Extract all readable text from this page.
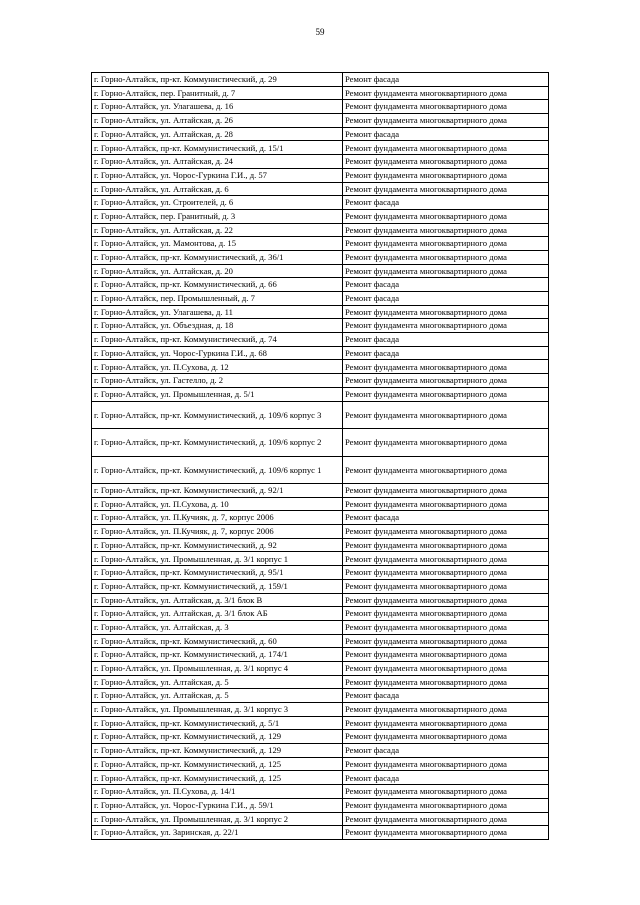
59
г. Горно-Алтайск, пр-кт. Коммунистический, д. 29	Ремонт фасада
г. Горно-Алтайск, пер. Гранитный, д. 7	Ремонт фундамента многоквартирного дома
г. Горно-Алтайск, ул. Улагашева, д. 16	Ремонт фундамента многоквартирного дома
г. Горно-Алтайск, ул. Алтайская, д. 26	Ремонт фундамента многоквартирного дома
г. Горно-Алтайск, ул. Алтайская, д. 28	Ремонт фасада
г. Горно-Алтайск, пр-кт. Коммунистический, д. 15/1	Ремонт фундамента многоквартирного дома
г. Горно-Алтайск, ул. Алтайская, д. 24	Ремонт фундамента многоквартирного дома
г. Горно-Алтайск, ул. Чорос-Гуркина Г.И., д. 57	Ремонт фундамента многоквартирного дома
г. Горно-Алтайск, ул. Алтайская, д. 6	Ремонт фундамента многоквартирного дома
г. Горно-Алтайск, ул. Строителей, д. 6	Ремонт фасада
г. Горно-Алтайск, пер. Гранитный, д. 3	Ремонт фундамента многоквартирного дома
г. Горно-Алтайск, ул. Алтайская, д. 22	Ремонт фундамента многоквартирного дома
г. Горно-Алтайск, ул. Мамонтова, д. 15	Ремонт фундамента многоквартирного дома
г. Горно-Алтайск, пр-кт. Коммунистический, д. 36/1	Ремонт фундамента многоквартирного дома
г. Горно-Алтайск, ул. Алтайская, д. 20	Ремонт фундамента многоквартирного дома
г. Горно-Алтайск, пр-кт. Коммунистический, д. 66	Ремонт фасада
г. Горно-Алтайск, пер. Промышленный, д. 7	Ремонт фасада
г. Горно-Алтайск, ул. Улагашева, д. 11	Ремонт фундамента многоквартирного дома
г. Горно-Алтайск, ул. Объездная, д. 18	Ремонт фундамента многоквартирного дома
г. Горно-Алтайск, пр-кт. Коммунистический, д. 74	Ремонт фасада
г. Горно-Алтайск, ул. Чорос-Гуркина Г.И., д. 68	Ремонт фасада
г. Горно-Алтайск, ул. П.Сухова, д. 12	Ремонт фундамента многоквартирного дома
г. Горно-Алтайск, ул. Гастелло, д. 2	Ремонт фундамента многоквартирного дома
г. Горно-Алтайск, ул. Промышленная, д. 5/1	Ремонт фундамента многоквартирного дома
г. Горно-Алтайск, пр-кт. Коммунистический, д. 109/6 корпус 3	Ремонт фундамента многоквартирного дома
г. Горно-Алтайск, пр-кт. Коммунистический, д. 109/6 корпус 2	Ремонт фундамента многоквартирного дома
г. Горно-Алтайск, пр-кт. Коммунистический, д. 109/6 корпус 1	Ремонт фундамента многоквартирного дома
г. Горно-Алтайск, пр-кт. Коммунистический, д. 92/1	Ремонт фундамента многоквартирного дома
г. Горно-Алтайск, ул. П.Сухова, д. 10	Ремонт фундамента многоквартирного дома
г. Горно-Алтайск, ул. П.Кучияк, д. 7, корпус 2006	Ремонт фасада
г. Горно-Алтайск, ул. П.Кучияк, д. 7, корпус 2006	Ремонт фундамента многоквартирного дома
г. Горно-Алтайск, пр-кт. Коммунистический, д. 92	Ремонт фундамента многоквартирного дома
г. Горно-Алтайск, ул. Промышленная, д. 3/1 корпус 1	Ремонт фундамента многоквартирного дома
г. Горно-Алтайск, пр-кт. Коммунистический, д. 95/1	Ремонт фундамента многоквартирного дома
г. Горно-Алтайск, пр-кт. Коммунистический, д. 159/1	Ремонт фундамента многоквартирного дома
г. Горно-Алтайск, ул. Алтайская, д. 3/1 блок В	Ремонт фундамента многоквартирного дома
г. Горно-Алтайск, ул. Алтайская, д. 3/1 блок АБ	Ремонт фундамента многоквартирного дома
г. Горно-Алтайск, ул. Алтайская, д. 3	Ремонт фундамента многоквартирного дома
г. Горно-Алтайск, пр-кт. Коммунистический, д. 60	Ремонт фундамента многоквартирного дома
г. Горно-Алтайск, пр-кт. Коммунистический, д. 174/1	Ремонт фундамента многоквартирного дома
г. Горно-Алтайск, ул. Промышленная, д. 3/1 корпус 4	Ремонт фундамента многоквартирного дома
г. Горно-Алтайск, ул. Алтайская, д. 5	Ремонт фундамента многоквартирного дома
г. Горно-Алтайск, ул. Алтайская, д. 5	Ремонт фасада
г. Горно-Алтайск, ул. Промышленная, д. 3/1 корпус 3	Ремонт фундамента многоквартирного дома
г. Горно-Алтайск, пр-кт. Коммунистический, д. 5/1	Ремонт фундамента многоквартирного дома
г. Горно-Алтайск, пр-кт. Коммунистический, д. 129	Ремонт фундамента многоквартирного дома
г. Горно-Алтайск, пр-кт. Коммунистический, д. 129	Ремонт фасада
г. Горно-Алтайск, пр-кт. Коммунистический, д. 125	Ремонт фундамента многоквартирного дома
г. Горно-Алтайск, пр-кт. Коммунистический, д. 125	Ремонт фасада
г. Горно-Алтайск, ул. П.Сухова, д. 14/1	Ремонт фундамента многоквартирного дома
г. Горно-Алтайск, ул. Чорос-Гуркина Г.И., д. 59/1	Ремонт фундамента многоквартирного дома
г. Горно-Алтайск, ул. Промышленная, д. 3/1 корпус 2	Ремонт фундамента многоквартирного дома
г. Горно-Алтайск, ул. Заринская, д. 22/1	Ремонт фундамента многоквартирного дома
